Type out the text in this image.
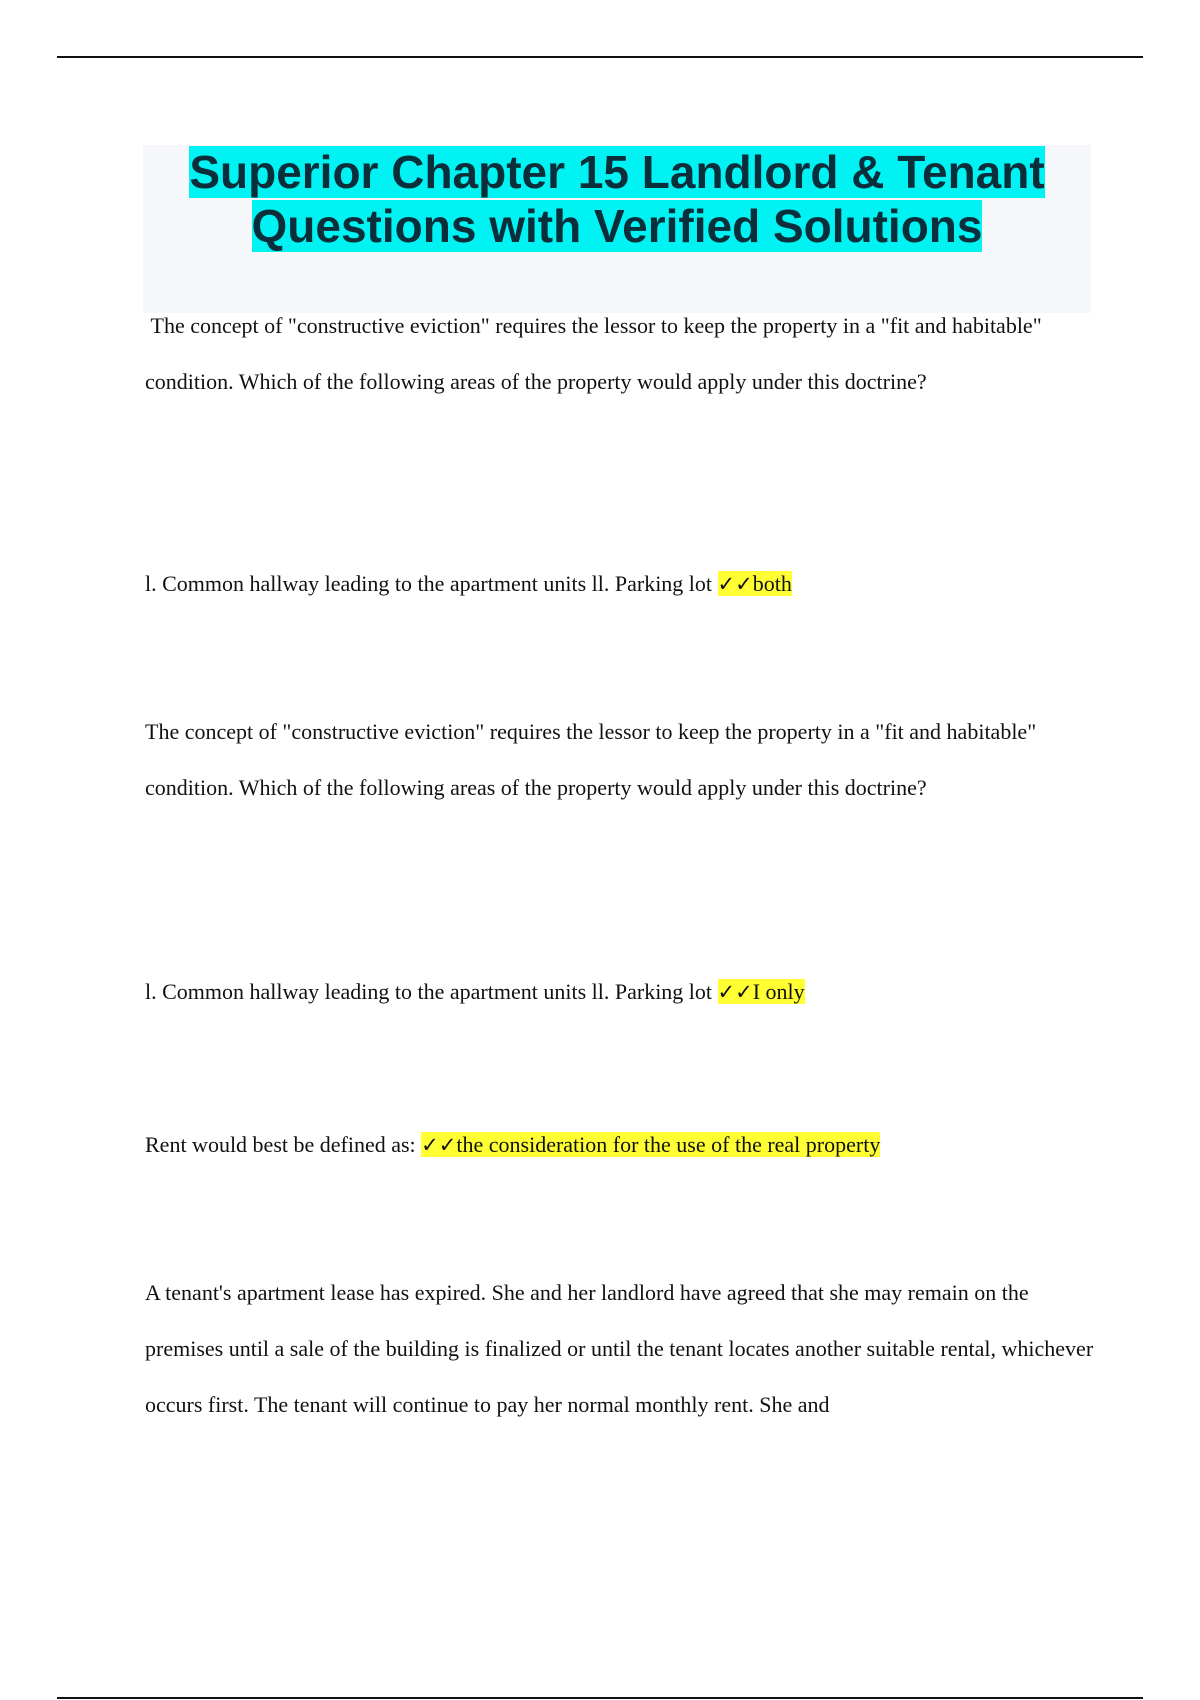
Superior Chapter 15 Landlord & Tenant
Questions with Verified Solutions

The concept of "constructive eviction" requires the lessor to keep the property in a "fit and habitable" condition. Which of the following areas of the property would apply under this doctrine?

l. Common hallway leading to the apartment units ll. Parking lot ✓✓both

The concept of "constructive eviction" requires the lessor to keep the property in a "fit and habitable" condition. Which of the following areas of the property would apply under this doctrine?

l. Common hallway leading to the apartment units ll. Parking lot ✓✓I only

Rent would best be defined as: ✓✓the consideration for the use of the real property

A tenant's apartment lease has expired. She and her landlord have agreed that she may remain on the premises until a sale of the building is finalized or until the tenant locates another suitable rental, whichever occurs first. The tenant will continue to pay her normal monthly rent. She and
